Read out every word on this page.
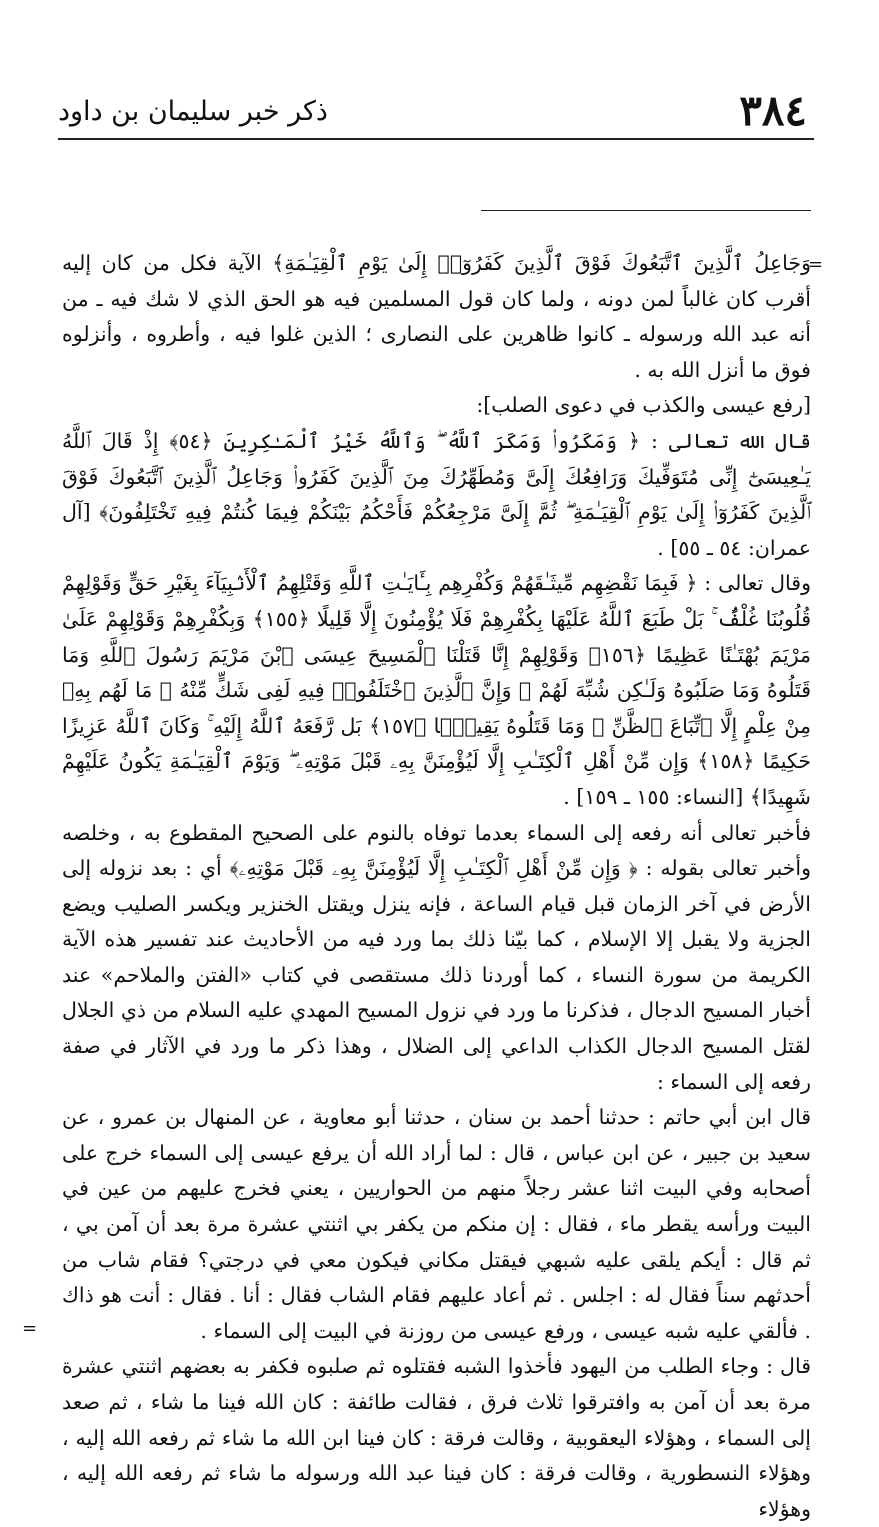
٣٨٤
ذكر خبر سليمان بن داود
=
=

وَجَاعِلُ ٱلَّذِينَ ٱتَّبَعُوكَ فَوْقَ ٱلَّذِينَ كَفَرُوٓا۟ إِلَىٰ يَوْمِ ٱلْقِيَـٰمَةِ﴾ الآية فكل من كان إليه أقرب كان غالباً لمن دونه ، ولما كان قول المسلمين فيه هو الحق الذي لا شك فيه ـ من أنه عبد الله ورسوله ـ كانوا ظاهرين على النصارى ؛ الذين غلوا فيه ، وأطروه ، وأنزلوه فوق ما أنزل الله به .

[رفع عيسى والكذب في دعوى الصلب]:

قال الله تعالى : ﴿ وَمَكَرُوا۟ وَمَكَرَ ٱللَّهُ ۖ وَٱللَّهُ خَيْرُ ٱلْمَـٰكِرِينَ ﴿٥٤﴾ إِذْ قَالَ ٱللَّهُ يَـٰعِيسَىٰٓ إِنِّى مُتَوَفِّيكَ وَرَافِعُكَ إِلَىَّ وَمُطَهِّرُكَ مِنَ ٱلَّذِينَ كَفَرُوا۟ وَجَاعِلُ ٱلَّذِينَ ٱتَّبَعُوكَ فَوْقَ ٱلَّذِينَ كَفَرُوٓا۟ إِلَىٰ يَوْمِ ٱلْقِيَـٰمَةِ ۖ ثُمَّ إِلَىَّ مَرْجِعُكُمْ فَأَحْكُمُ بَيْنَكُمْ فِيمَا كُنتُمْ فِيهِ تَخْتَلِفُونَ﴾ [آل عمران: ٥٤ ـ ٥٥] .

وقال تعالى : ﴿ فَبِمَا نَقْضِهِم مِّيثَـٰقَهُمْ وَكُفْرِهِم بِـَٔايَـٰتِ ٱللَّهِ وَقَتْلِهِمُ ٱلْأَنۢبِيَآءَ بِغَيْرِ حَقٍّ وَقَوْلِهِمْ قُلُوبُنَا غُلْفٌۢ ۚ بَلْ طَبَعَ ٱللَّهُ عَلَيْهَا بِكُفْرِهِمْ فَلَا يُؤْمِنُونَ إِلَّا قَلِيلًا ﴿١٥٥﴾ وَبِكُفْرِهِمْ وَقَوْلِهِمْ عَلَىٰ مَرْيَمَ بُهْتَـٰنًا عَظِيمًا ﴿١٥٦﴾ وَقَوْلِهِمْ إِنَّا قَتَلْنَا ٱلْمَسِيحَ عِيسَى ٱبْنَ مَرْيَمَ رَسُولَ ٱللَّهِ وَمَا قَتَلُوهُ وَمَا صَلَبُوهُ وَلَـٰكِن شُبِّهَ لَهُمْ ۚ وَإِنَّ ٱلَّذِينَ ٱخْتَلَفُوا۟ فِيهِ لَفِى شَكٍّ مِّنْهُ ۚ مَا لَهُم بِهِۦ مِنْ عِلْمٍ إِلَّا ٱتِّبَاعَ ٱلظَّنِّ ۚ وَمَا قَتَلُوهُ يَقِينًۢا ﴿١٥٧﴾ بَل رَّفَعَهُ ٱللَّهُ إِلَيْهِ ۚ وَكَانَ ٱللَّهُ عَزِيزًا حَكِيمًا ﴿١٥٨﴾ وَإِن مِّنْ أَهْلِ ٱلْكِتَـٰبِ إِلَّا لَيُؤْمِنَنَّ بِهِۦ قَبْلَ مَوْتِهِۦ ۖ وَيَوْمَ ٱلْقِيَـٰمَةِ يَكُونُ عَلَيْهِمْ شَهِيدًا﴾ [النساء: ١٥٥ ـ ١٥٩] .

فأخبر تعالى أنه رفعه إلى السماء بعدما توفاه بالنوم على الصحيح المقطوع به ، وخلصه وأخبر تعالى بقوله : ﴿ وَإِن مِّنْ أَهْلِ ٱلْكِتَـٰبِ إِلَّا لَيُؤْمِنَنَّ بِهِۦ قَبْلَ مَوْتِهِۦ﴾ أي : بعد نزوله إلى الأرض في آخر الزمان قبل قيام الساعة ، فإنه ينزل ويقتل الخنزير ويكسر الصليب ويضع الجزية ولا يقبل إلا الإسلام ، كما بيّنا ذلك بما ورد فيه من الأحاديث عند تفسير هذه الآية الكريمة من سورة النساء ، كما أوردنا ذلك مستقصى في كتاب «الفتن والملاحم» عند أخبار المسيح الدجال ، فذكرنا ما ورد في نزول المسيح المهدي عليه السلام من ذي الجلال لقتل المسيح الدجال الكذاب الداعي إلى الضلال ، وهذا ذكر ما ورد في الآثار في صفة رفعه إلى السماء :

قال ابن أبي حاتم : حدثنا أحمد بن سنان ، حدثنا أبو معاوية ، عن المنهال بن عمرو ، عن سعيد بن جبير ، عن ابن عباس ، قال : لما أراد الله أن يرفع عيسى إلى السماء خرج على أصحابه وفي البيت اثنا عشر رجلاً منهم من الحواريين ، يعني فخرج عليهم من عين في البيت ورأسه يقطر ماء ، فقال : إن منكم من يكفر بي اثنتي عشرة مرة بعد أن آمن بي ، ثم قال : أيكم يلقى عليه شبهي فيقتل مكاني فيكون معي في درجتي؟ فقام شاب من أحدثهم سناً فقال له : اجلس . ثم أعاد عليهم فقام الشاب فقال : أنا . فقال : أنت هو ذاك . فألقي عليه شبه عيسى ، ورفع عيسى من روزنة في البيت إلى السماء .

قال : وجاء الطلب من اليهود فأخذوا الشبه فقتلوه ثم صلبوه فكفر به بعضهم اثنتي عشرة مرة بعد أن آمن به وافترقوا ثلاث فرق ، فقالت طائفة : كان الله فينا ما شاء ، ثم صعد إلى السماء ، وهؤلاء اليعقوبية ، وقالت فرقة : كان فينا ابن الله ما شاء ثم رفعه الله إليه ، وهؤلاء النسطورية ، وقالت فرقة : كان فينا عبد الله ورسوله ما شاء ثم رفعه الله إليه ، وهؤلاء
